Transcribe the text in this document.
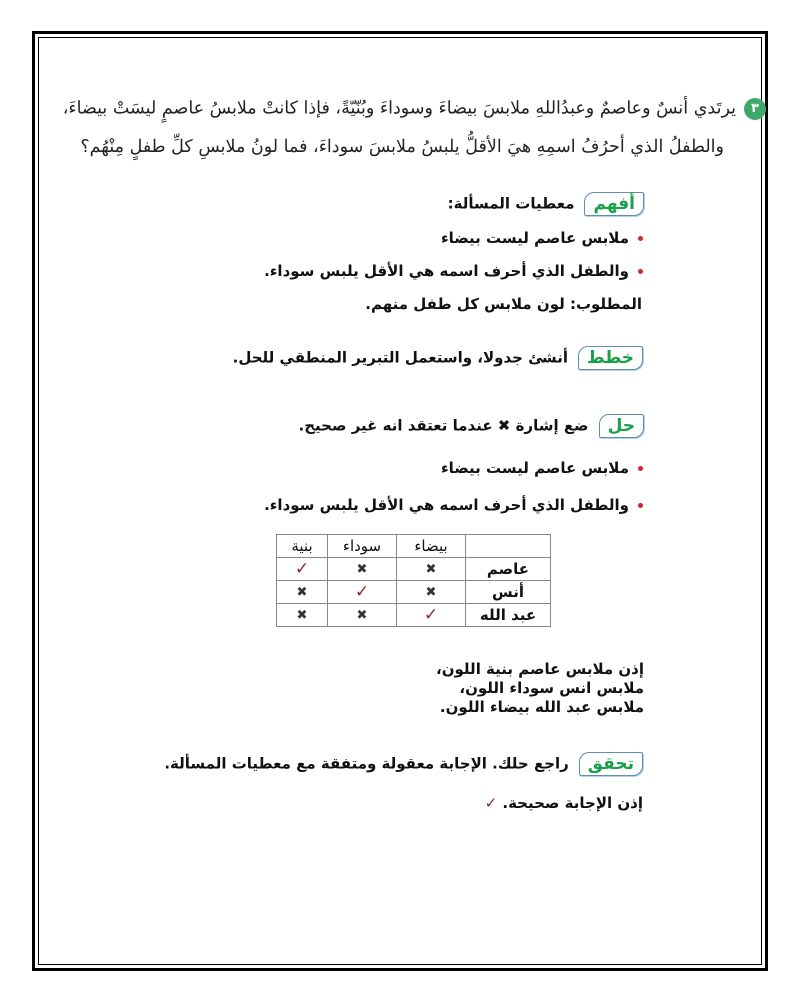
٣يرتَدي أنسٌ وعاصمٌ وعبدُاللهِ ملابسَ بيضاءَ وسوداءَ وبُنّيّةً، فإذا كانتْ ملابسُ عاصمٍ ليسَتْ بيضاءَ،
والطفلُ الذي أحرُفُ اسمِهِ هيَ الأقلُّ يلبسُ ملابسَ سوداءَ، فما لونُ ملابسِ كلِّ طفلٍ مِنْهُم؟
أفهممعطيات المسألة:
ملابس عاصم ليست بيضاء
والطفل الذي أحرف اسمه هي الأقل يلبس سوداء.
المطلوب: لون ملابس كل طفل منهم.
خططأنشئ جدولا، واستعمل التبرير المنطقي للحل.
حلضع إشارة ✖ عندما تعتقد انه غير صحيح.
ملابس عاصم ليست بيضاء
والطفل الذي أحرف اسمه هي الأقل يلبس سوداء.
	بيضاء	سوداء	بنية
عاصم	✖	✖	✓
أنس	✖	✓	✖
عبد الله	✓	✖	✖
إذن ملابس عاصم بنية اللون،
ملابس انس سوداء اللون،
ملابس عبد الله بيضاء اللون.
تحققراجع حلك. الإجابة معقولة ومتفقة مع معطيات المسألة.
إذن الإجابة صحيحة. ✓
